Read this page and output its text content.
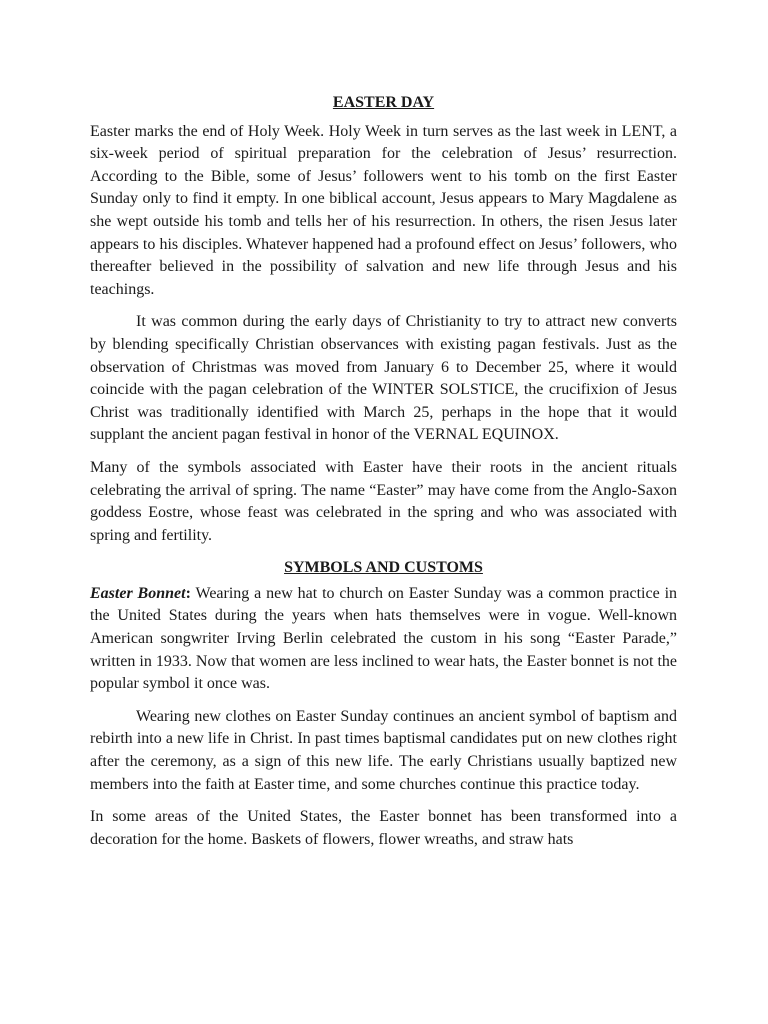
EASTER DAY

Easter marks the end of Holy Week. Holy Week in turn serves as the last week in LENT, a six-week period of spiritual preparation for the celebration of Jesus’ resurrection. According to the Bible, some of Jesus’ followers went to his tomb on the first Easter Sunday only to find it empty. In one biblical account, Jesus appears to Mary Magdalene as she wept outside his tomb and tells her of his resurrection. In others, the risen Jesus later appears to his disciples. Whatever happened had a profound effect on Jesus’ followers, who thereafter believed in the possibility of salvation and new life through Jesus and his teachings.

It was common during the early days of Christianity to try to attract new converts by blending specifically Christian observances with existing pagan festivals. Just as the observation of Christmas was moved from January 6 to December 25, where it would coincide with the pagan celebration of the WINTER SOLSTICE, the crucifixion of Jesus Christ was traditionally identified with March 25, perhaps in the hope that it would supplant the ancient pagan festival in honor of the VERNAL EQUINOX.

Many of the symbols associated with Easter have their roots in the ancient rituals celebrating the arrival of spring. The name “Easter” may have come from the Anglo-Saxon goddess Eostre, whose feast was celebrated in the spring and who was associated with spring and fertility.

SYMBOLS AND CUSTOMS

Easter Bonnet: Wearing a new hat to church on Easter Sunday was a common practice in the United States during the years when hats themselves were in vogue. Well-known American songwriter Irving Berlin celebrated the custom in his song “Easter Parade,” written in 1933. Now that women are less inclined to wear hats, the Easter bonnet is not the popular symbol it once was.

Wearing new clothes on Easter Sunday continues an ancient symbol of baptism and rebirth into a new life in Christ. In past times baptismal candidates put on new clothes right after the ceremony, as a sign of this new life. The early Christians usually baptized new members into the faith at Easter time, and some churches continue this practice today.

In some areas of the United States, the Easter bonnet has been transformed into a decoration for the home. Baskets of flowers, flower wreaths, and straw hats
